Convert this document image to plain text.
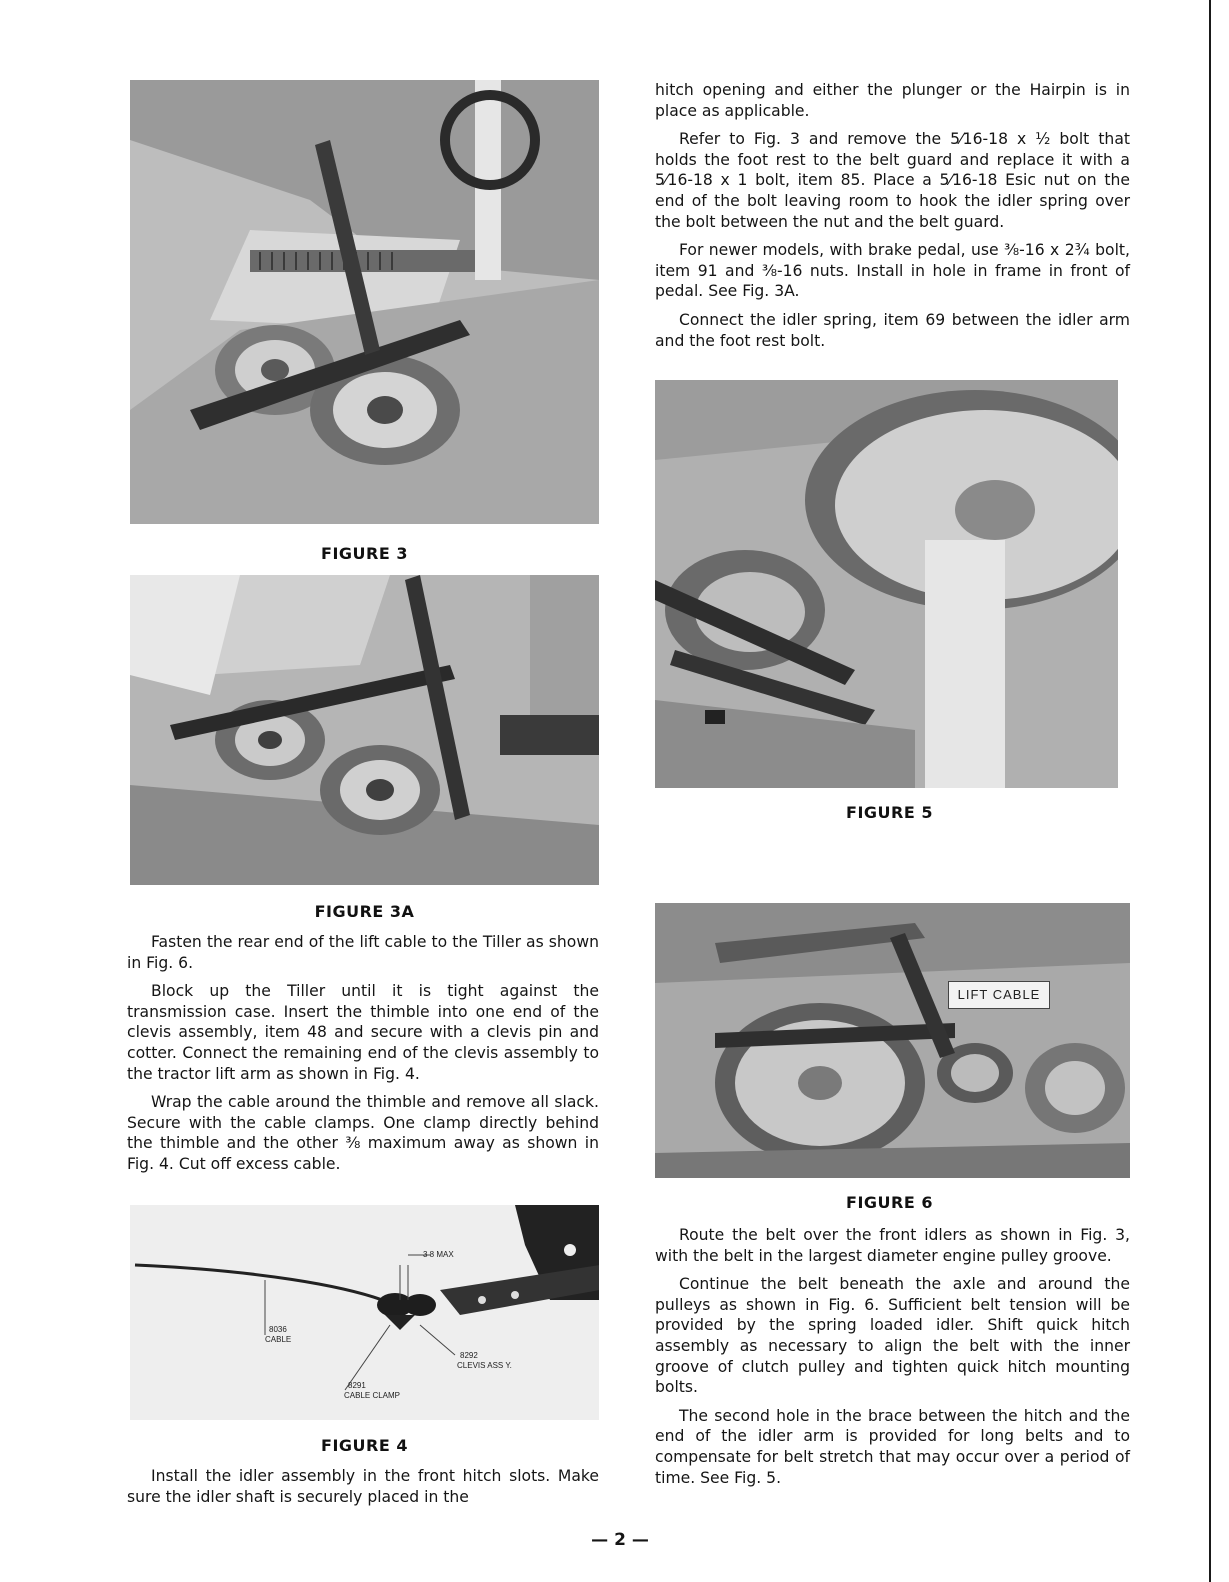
FIGURE 3
FIGURE 3A

Fasten the rear end of the lift cable to the Tiller as shown in Fig. 6.

Block up the Tiller until it is tight against the transmission case. Insert the thimble into one end of the clevis assembly, item 48 and secure with a clevis pin and cotter. Connect the remaining end of the clevis assembly to the tractor lift arm as shown in Fig. 4.

Wrap the cable around the thimble and remove all slack. Secure with the cable clamps. One clamp directly behind the thimble and the other ⅜ maximum away as shown in Fig. 4. Cut off excess cable.

3 8 MAX
8036
CABLE
8292
CLEVIS ASS Y.
8291
CABLE CLAMP
FIGURE 4

Install the idler assembly in the front hitch slots. Make sure the idler shaft is securely placed in the

hitch opening and either the plunger or the Hairpin is in place as applicable.

Refer to Fig. 3 and remove the 5⁄16-18 x ½ bolt that holds the foot rest to the belt guard and replace it with a 5⁄16-18 x 1 bolt, item 85. Place a 5⁄16-18 Esic nut on the end of the bolt leaving room to hook the idler spring over the bolt between the nut and the belt guard.

For newer models, with brake pedal, use ⅜-16 x 2¾ bolt, item 91 and ⅜-16 nuts. Install in hole in frame in front of pedal. See Fig. 3A.

Connect the idler spring, item 69 between the idler arm and the foot rest bolt.

FIGURE 5
LIFT CABLE
FIGURE 6

Route the belt over the front idlers as shown in Fig. 3, with the belt in the largest diameter engine pulley groove.

Continue the belt beneath the axle and around the pulleys as shown in Fig. 6. Sufficient belt tension will be provided by the spring loaded idler. Shift quick hitch assembly as necessary to align the belt with the inner groove of clutch pulley and tighten quick hitch mounting bolts.

The second hole in the brace between the hitch and the end of the idler arm is provided for long belts and to compensate for belt stretch that may occur over a period of time. See Fig. 5.

— 2 —
